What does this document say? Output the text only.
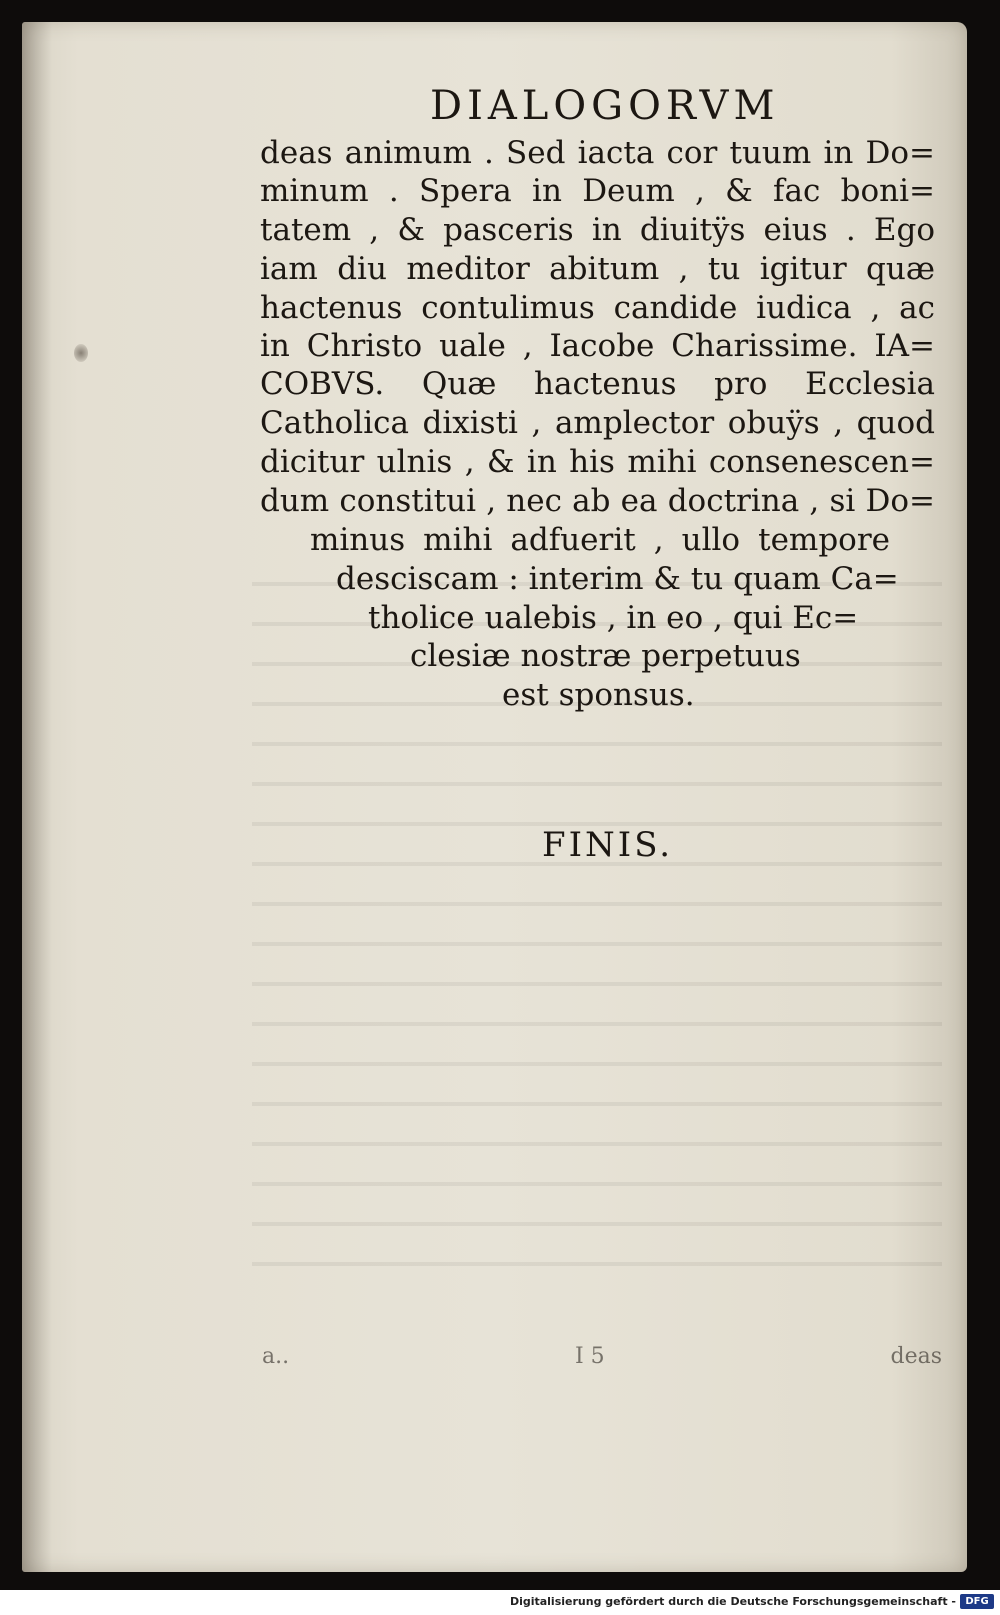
DIALOGORVM
deas animum . Sed iacta cor tuum in Do=
minum . Spera in Deum , & fac boni=
tatem , & pasceris in diuitÿs eius . Ego
iam diu meditor abitum , tu igitur quæ
hactenus contulimus candide iudica , ac
in Christo uale , Iacobe Charissime. IA=
COBVS. Quæ hactenus pro Ecclesia
Catholica dixisti , amplector obuÿs , quod
dicitur ulnis , & in his mihi consenescen=
dum constitui , nec ab ea doctrina , si Do=
minus mihi adfuerit , ullo tempore
desciscam : interim & tu quam Ca=
tholice ualebis , in eo , qui Ec=
clesiæ nostræ perpetuus
est sponsus.
FINIS.
a..	I 5	deas
Digitalisierung gefördert durch die Deutsche Forschungsgemeinschaft - DFG
